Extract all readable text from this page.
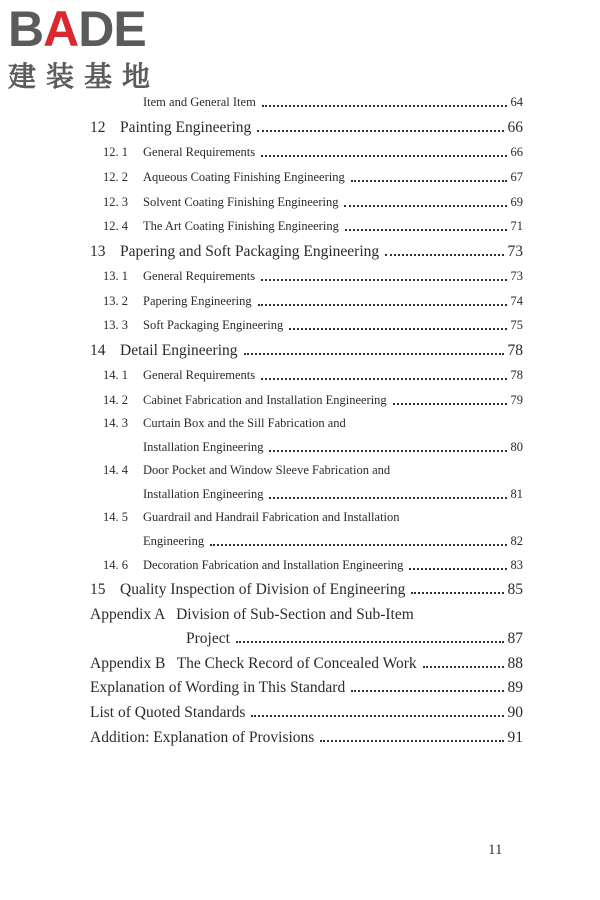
BADE
建装基地
Item and General Item	64
12 Painting Engineering	66
12. 1	General Requirements	66
12. 2	Aqueous Coating Finishing Engineering	67
12. 3	Solvent Coating Finishing Engineering	69
12. 4	The Art Coating Finishing Engineering	71
13 Papering and Soft Packaging Engineering	73
13. 1	General Requirements	73
13. 2	Papering Engineering	74
13. 3	Soft Packaging Engineering	75
14 Detail Engineering	78
14. 1	General Requirements	78
14. 2	Cabinet Fabrication and Installation Engineering	79
14. 3	Curtain Box and the Sill Fabrication and
Installation Engineering	80
14. 4	Door Pocket and Window Sleeve Fabrication and
Installation Engineering	81
14. 5	Guardrail and Handrail Fabrication and Installation
Engineering	82
14. 6	Decoration Fabrication and Installation Engineering	83
15 Quality Inspection of Division of Engineering	85
Appendix A   Division of Sub-Section and Sub-Item
Project	87
Appendix B   The Check Record of Concealed Work	88
Explanation of Wording in This Standard	89
List of Quoted Standards	90
Addition: Explanation of Provisions	91
11
